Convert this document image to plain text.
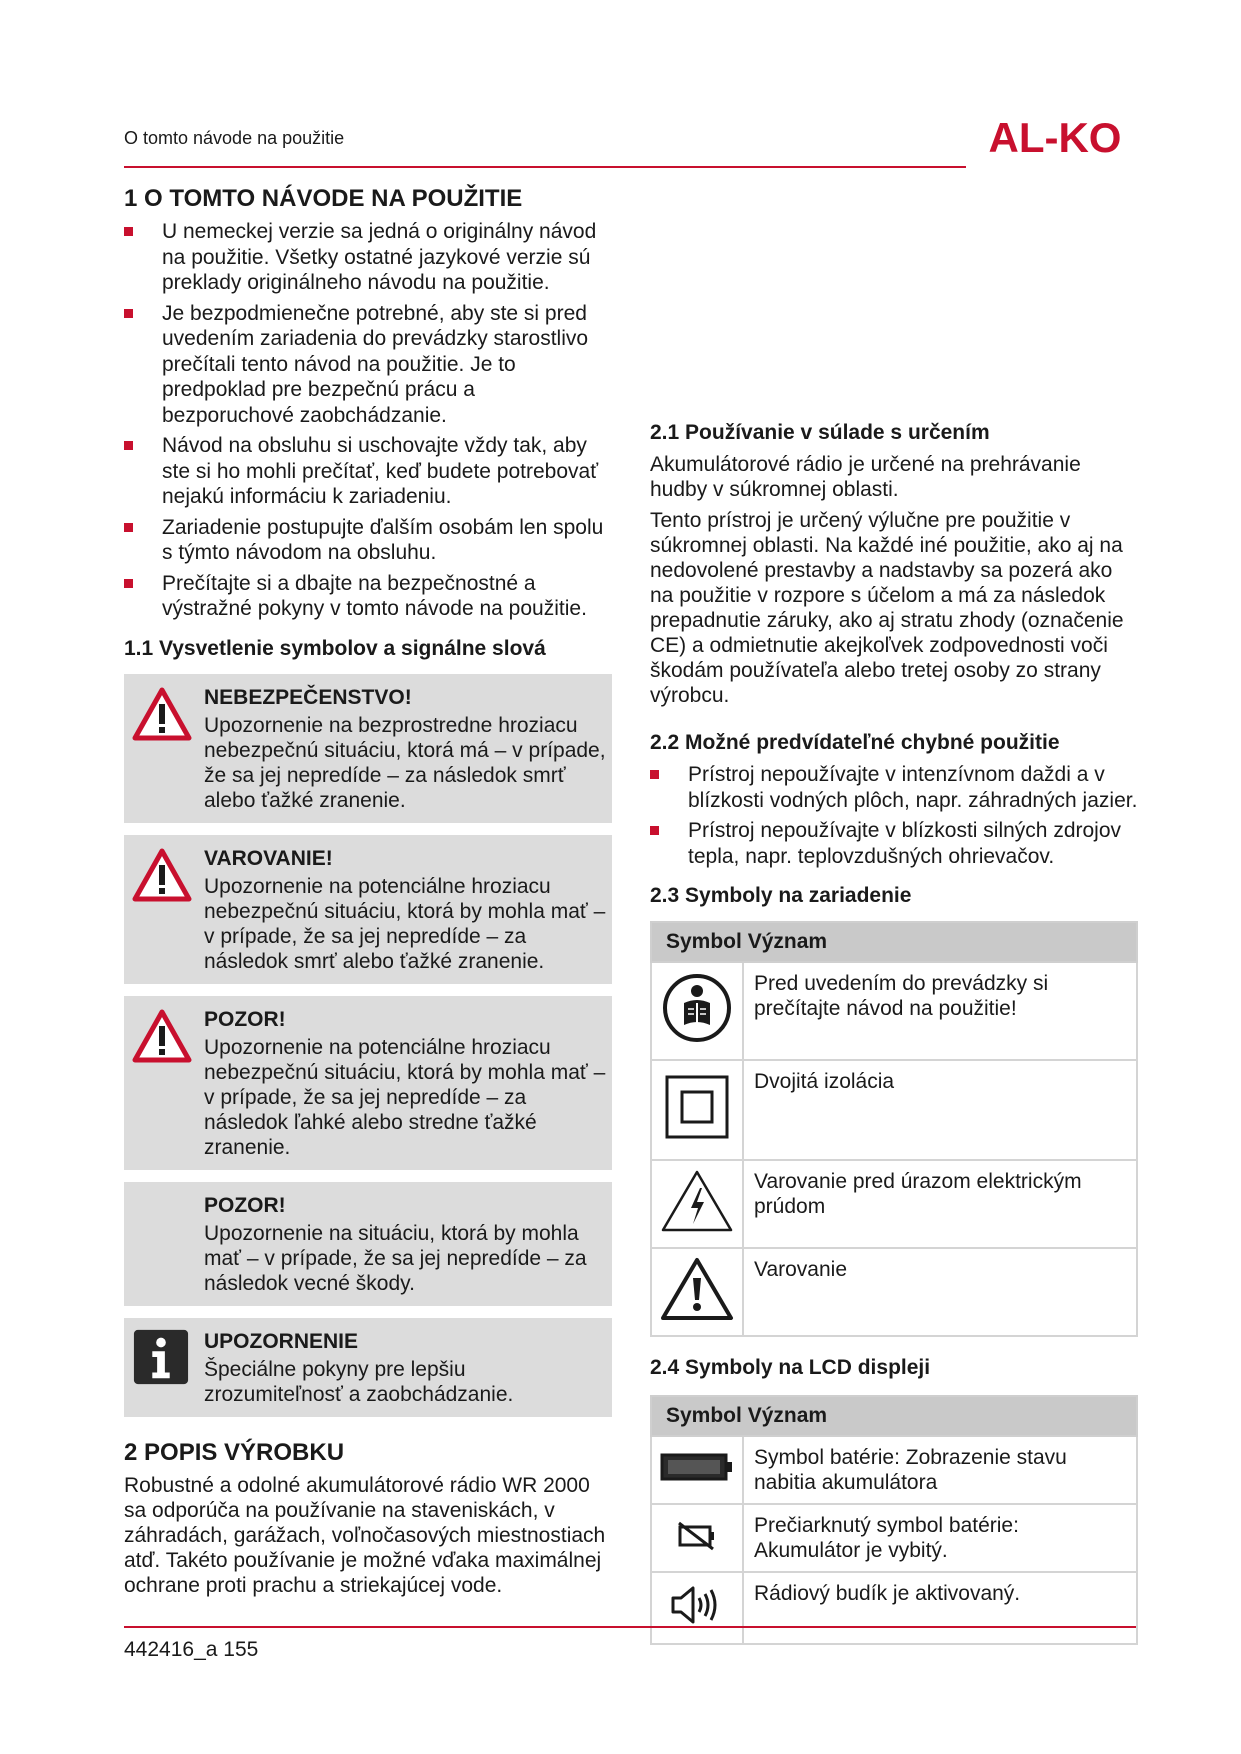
O tomto návode na použitie	AL-KO
1 O TOMTO NÁVODE NA POUŽITIE
U nemeckej verzie sa jedná o originálny návod na použitie. Všetky ostatné jazykové verzie sú preklady originálneho návodu na použitie.
Je bezpodmienečne potrebné, aby ste si pred uvedením zariadenia do prevádzky starostlivo prečítali tento návod na použitie. Je to predpoklad pre bezpečnú prácu a bezporuchové zaobchádzanie.
Návod na obsluhu si uschovajte vždy tak, aby ste si ho mohli prečítať, keď budete potrebovať nejakú informáciu k zariadeniu.
Zariadenie postupujte ďalším osobám len spolu s týmto návodom na obsluhu.
Prečítajte si a dbajte na bezpečnostné a výstražné pokyny v tomto návode na použitie.
1.1 Vysvetlenie symbolov a signálne slová
NEBEZPEČENSTVO!
Upozornenie na bezprostredne hroziacu nebezpečnú situáciu, ktorá má – v prípade, že sa jej nepredíde – za následok smrť alebo ťažké zranenie.
VAROVANIE!
Upozornenie na potenciálne hroziacu nebezpečnú situáciu, ktorá by mohla mať – v prípade, že sa jej nepredíde – za následok smrť alebo ťažké zranenie.
POZOR!
Upozornenie na potenciálne hroziacu nebezpečnú situáciu, ktorá by mohla mať – v prípade, že sa jej nepredíde – za následok ľahké alebo stredne ťažké zranenie.
POZOR!
Upozornenie na situáciu, ktorá by mohla mať – v prípade, že sa jej nepredíde – za následok vecné škody.
UPOZORNENIE
Špeciálne pokyny pre lepšiu zrozumiteľnosť a zaobchádzanie.
2 POPIS VÝROBKU

Robustné a odolné akumulátorové rádio WR 2000 sa odporúča na používanie na staveniskách, v záhradách, garážach, voľnočasových miestnostiach atď. Takéto používanie je možné vďaka maximálnej ochrane proti prachu a striekajúcej vode.

2.1 Používanie v súlade s určením

Akumulátorové rádio je určené na prehrávanie hudby v súkromnej oblasti.

Tento prístroj je určený výlučne pre použitie v súkromnej oblasti. Na každé iné použitie, ako aj na nedovolené prestavby a nadstavby sa pozerá ako na použitie v rozpore s účelom a má za následok prepadnutie záruky, ako aj stratu zhody (označenie CE) a odmietnutie akejkoľvek zodpovednosti voči škodám používateľa alebo tretej osoby zo strany výrobcu.

2.2 Možné predvídateľné chybné použitie
Prístroj nepoužívajte v intenzívnom daždi a v blízkosti vodných plôch, napr. záhradných jazier.
Prístroj nepoužívajte v blízkosti silných zdrojov tepla, napr. teplovzdušných ohrievačov.
2.3 Symboly na zariadenie
Symbol Význam	
	Pred uvedením do prevádzky si prečítajte návod na použitie!
	Dvojitá izolácia
	Varovanie pred úrazom elektrickým prúdom
	Varovanie
2.4 Symboly na LCD displeji
Symbol Význam	
	Symbol batérie: Zobrazenie stavu nabitia akumulátora
	Prečiarknutý symbol batérie: Akumulátor je vybitý.
	Rádiový budík je aktivovaný.
442416_a 155
